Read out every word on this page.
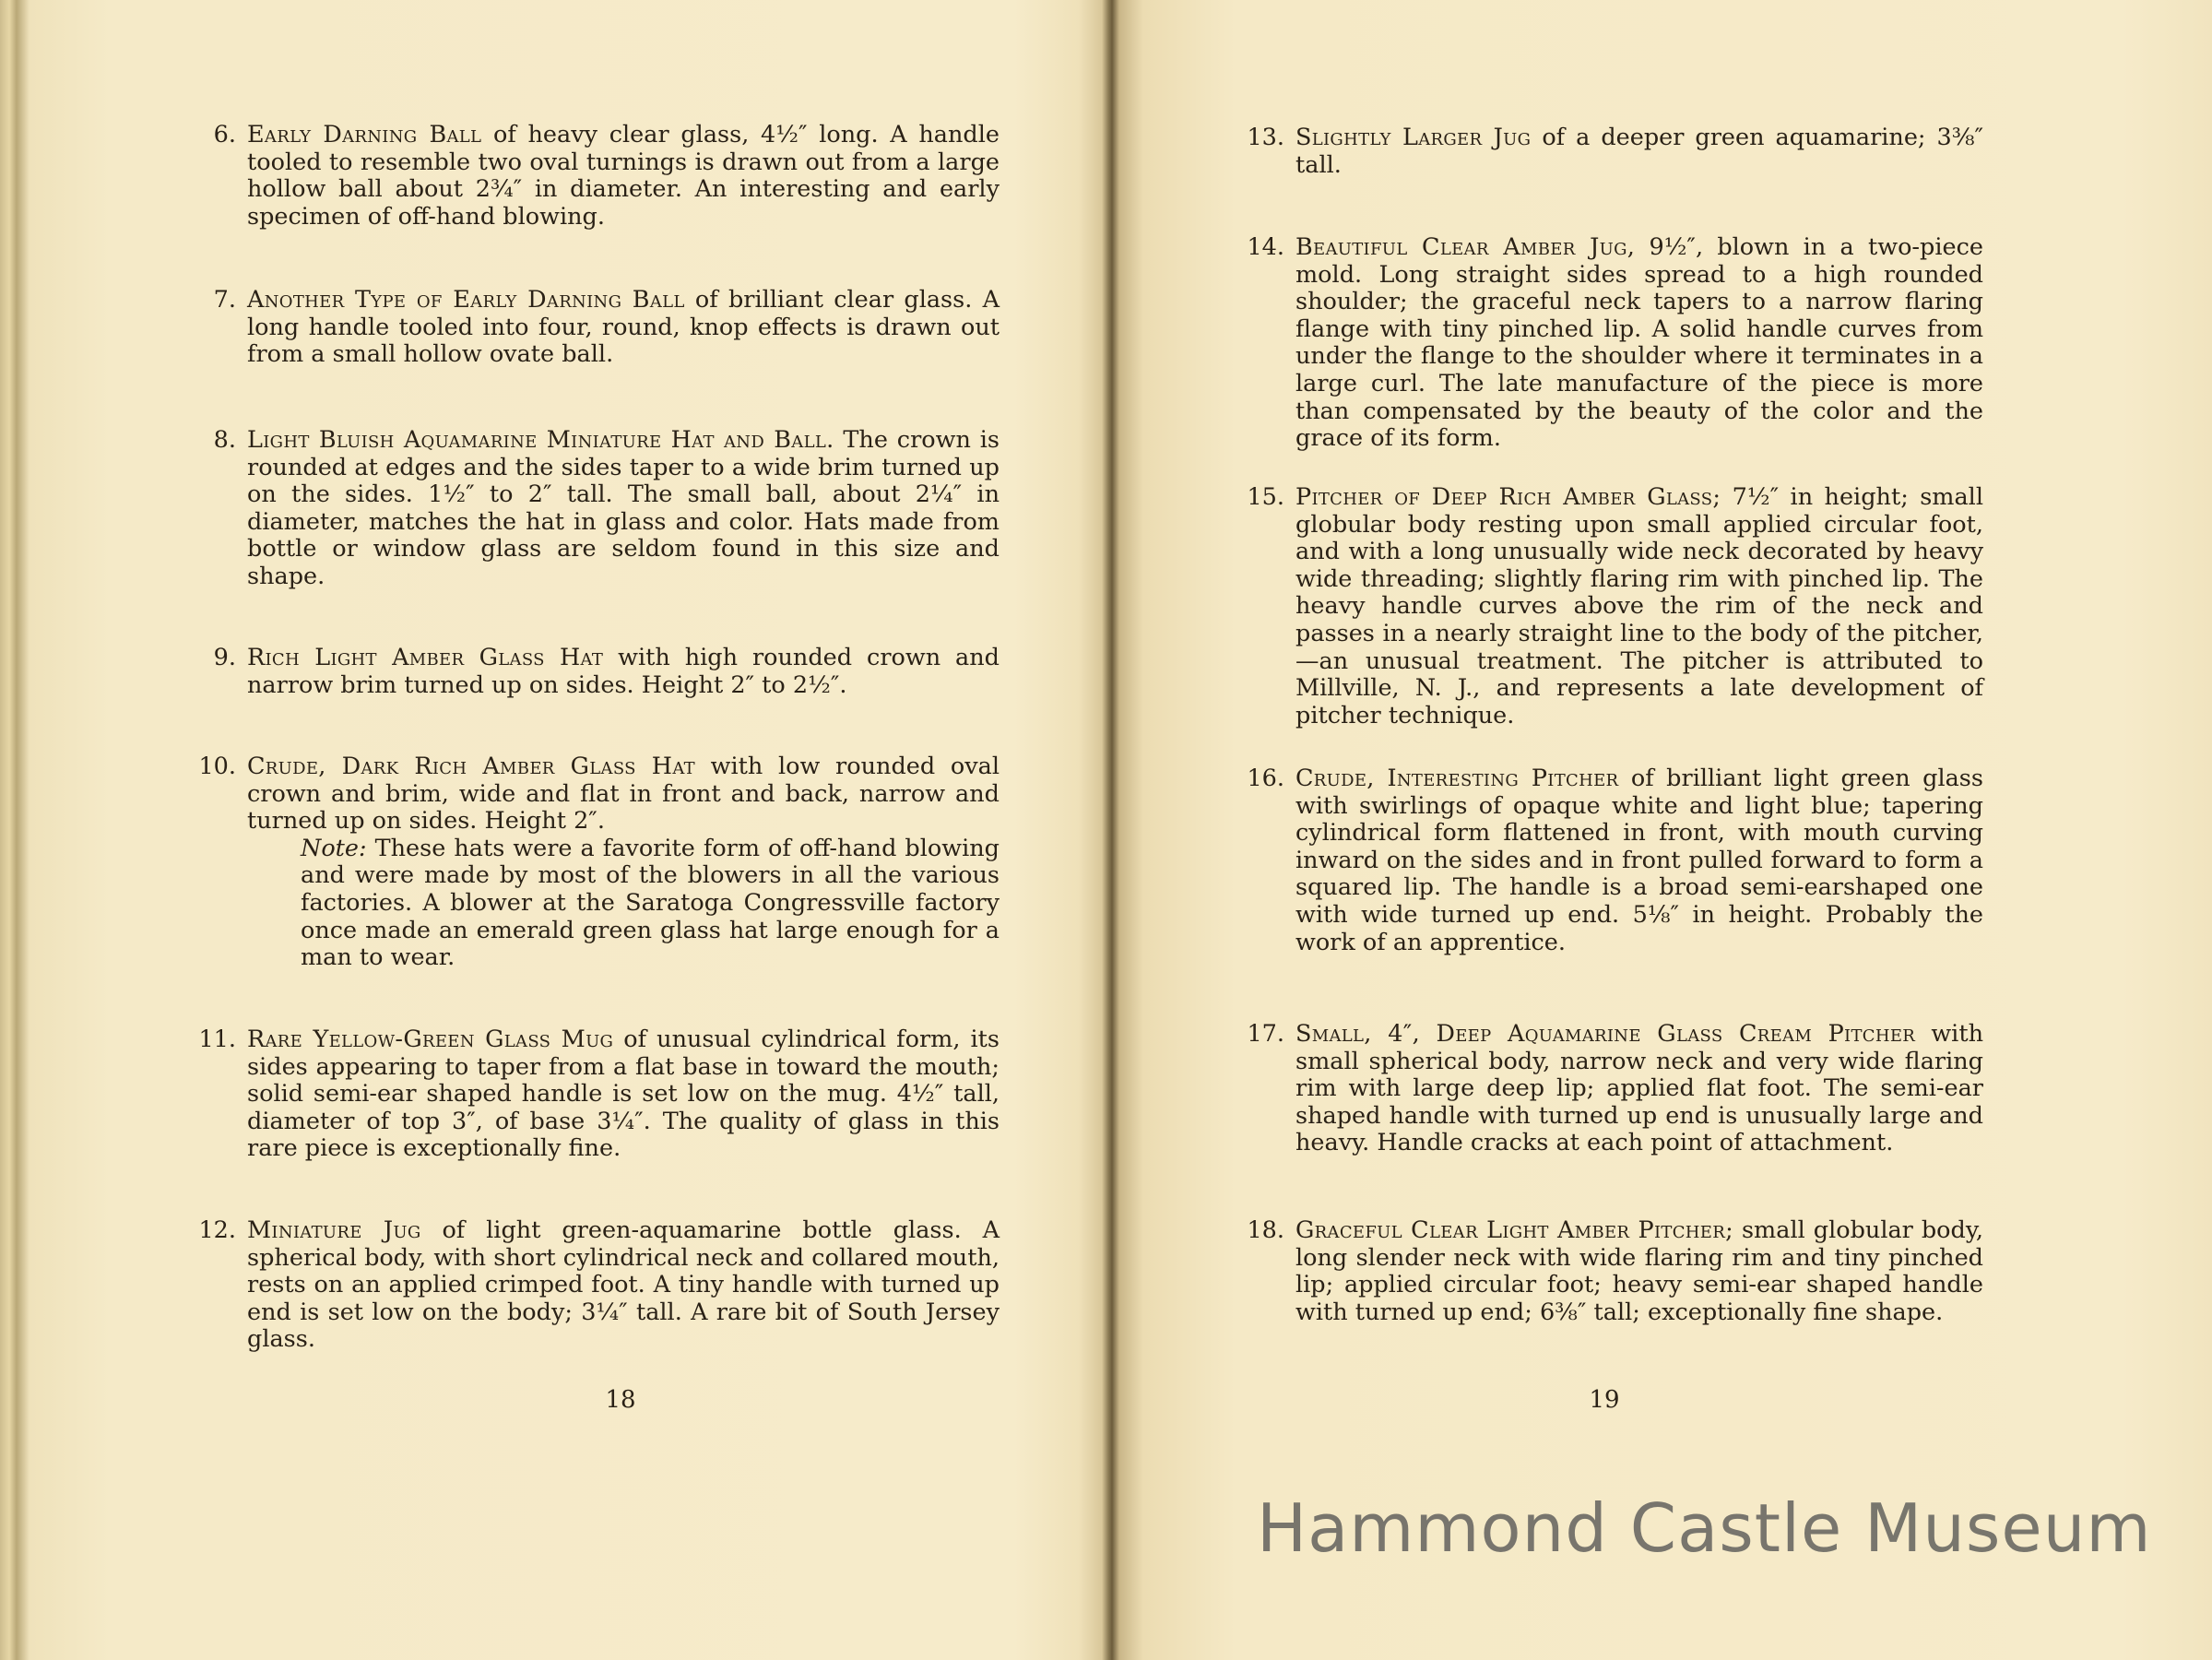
6. Early Darning Ball of heavy clear glass, 4½″ long. A handle tooled to resemble two oval turnings is drawn out from a large hollow ball about 2¾″ in diameter. An interesting and early specimen of off-hand blowing.
7. Another Type of Early Darning Ball of brilliant clear glass. A long handle tooled into four, round, knop effects is drawn out from a small hollow ovate ball.
8. Light Bluish Aquamarine Miniature Hat and Ball. The crown is rounded at edges and the sides taper to a wide brim turned up on the sides. 1½″ to 2″ tall. The small ball, about 2¼″ in diameter, matches the hat in glass and color. Hats made from bottle or window glass are seldom found in this size and shape.
9. Rich Light Amber Glass Hat with high rounded crown and narrow brim turned up on sides. Height 2″ to 2½″.
10. Crude, Dark Rich Amber Glass Hat with low rounded oval crown and brim, wide and flat in front and back, narrow and turned up on sides. Height 2″.
Note: These hats were a favorite form of off-hand blowing and were made by most of the blowers in all the various factories. A blower at the Saratoga Congressville factory once made an emerald green glass hat large enough for a man to wear.
11. Rare Yellow-Green Glass Mug of unusual cylindrical form, its sides appearing to taper from a flat base in toward the mouth; solid semi-ear shaped handle is set low on the mug. 4½″ tall, diameter of top 3″, of base 3¼″. The quality of glass in this rare piece is exceptionally fine.
12. Miniature Jug of light green-aquamarine bottle glass. A spherical body, with short cylindrical neck and collared mouth, rests on an applied crimped foot. A tiny handle with turned up end is set low on the body; 3¼″ tall. A rare bit of South Jersey glass.
18
13. Slightly Larger Jug of a deeper green aquamarine; 3⅜″ tall.
14. Beautiful Clear Amber Jug, 9½″, blown in a two-piece mold. Long straight sides spread to a high rounded shoulder; the graceful neck tapers to a narrow flaring flange with tiny pinched lip. A solid handle curves from under the flange to the shoulder where it terminates in a large curl. The late manufacture of the piece is more than compensated by the beauty of the color and the grace of its form.
15. Pitcher of Deep Rich Amber Glass; 7½″ in height; small globular body resting upon small applied circular foot, and with a long unusually wide neck decorated by heavy wide threading; slightly flaring rim with pinched lip. The heavy handle curves above the rim of the neck and passes in a nearly straight line to the body of the pitcher,—an unusual treatment. The pitcher is attributed to Millville, N. J., and represents a late development of pitcher technique.
16. Crude, Interesting Pitcher of brilliant light green glass with swirlings of opaque white and light blue; tapering cylindrical form flattened in front, with mouth curving inward on the sides and in front pulled forward to form a squared lip. The handle is a broad semi-earshaped one with wide turned up end. 5⅛″ in height. Probably the work of an apprentice.
17. Small, 4″, Deep Aquamarine Glass Cream Pitcher with small spherical body, narrow neck and very wide flaring rim with large deep lip; applied flat foot. The semi-ear shaped handle with turned up end is unusually large and heavy. Handle cracks at each point of attachment.
18. Graceful Clear Light Amber Pitcher; small globular body, long slender neck with wide flaring rim and tiny pinched lip; applied circular foot; heavy semi-ear shaped handle with turned up end; 6⅜″ tall; exceptionally fine shape.
19
Hammond Castle Museum
